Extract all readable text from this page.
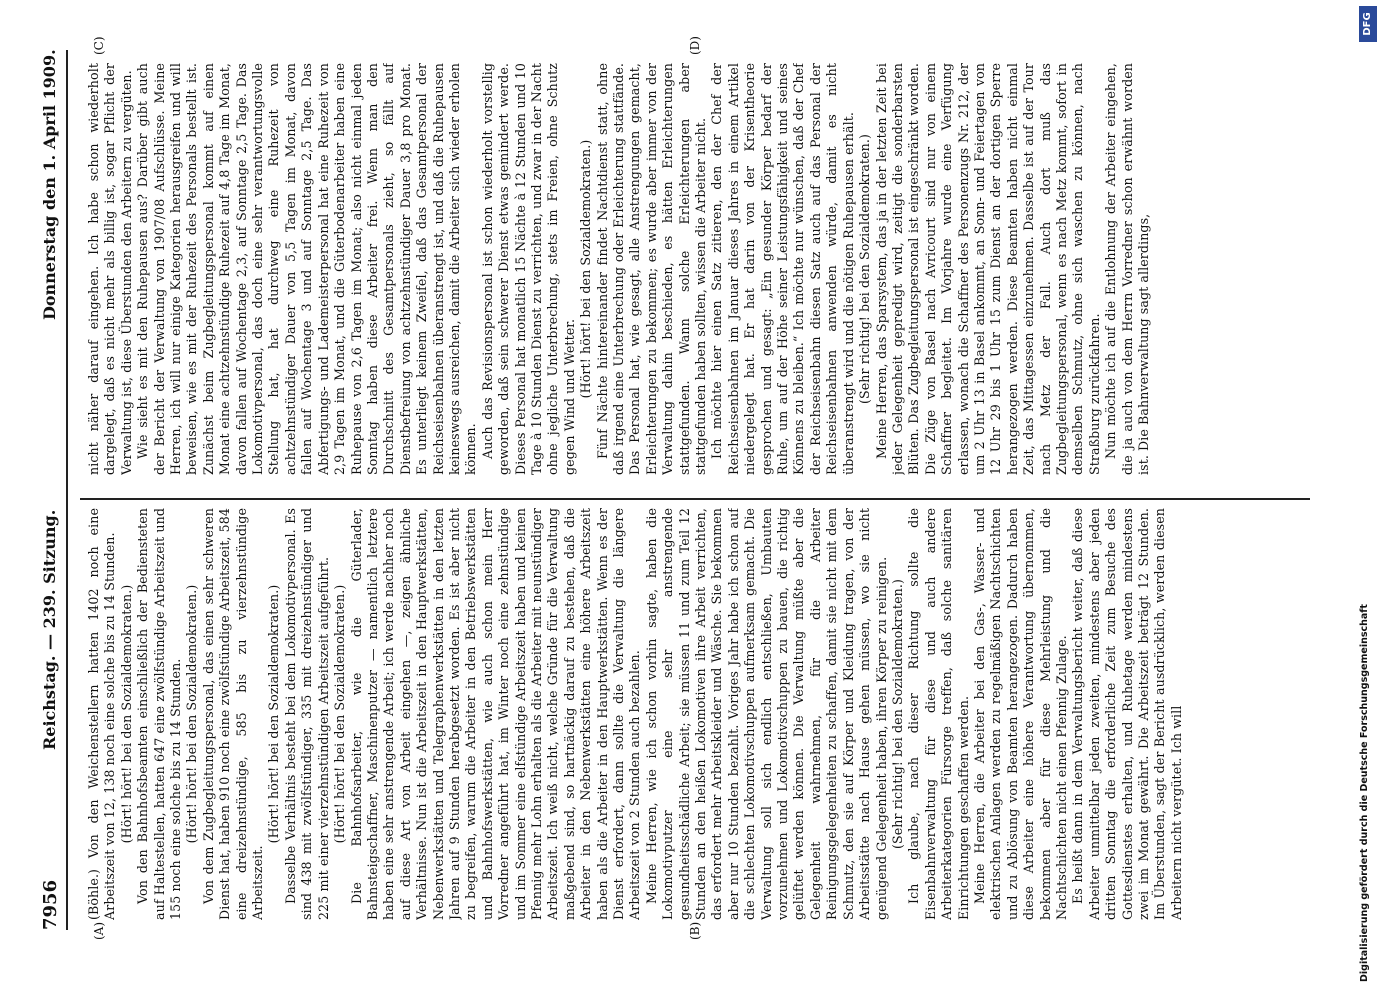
7956
Reichstag. — 239. Sitzung.
Donnerstag den 1. April 1909.
(A)	(B)
(C)	(D)

(Böhle.) Von den Weichenstellern hatten 1402 noch eine Arbeitszeit von 12, 138 noch eine solche bis zu 14 Stunden. (Hört! hört! bei den Sozialdemokraten.) Von den Bahnhofsbeamten einschließlich der Bediensteten auf Haltestellen, hatten 647 eine zwölfstündige Arbeitszeit und 155 noch eine solche bis zu 14 Stunden. (Hört! hört! bei den Sozialdemokraten.) Von dem Zugbegleitungspersonal, das einen sehr schweren Dienst hat, haben 910 noch eine zwölfstündige Arbeitszeit, 584 eine dreizehnstündige, 585 bis zu vierzehnstündige Arbeitszeit.

(Hört! hört! bei den Sozialdemokraten.) Dasselbe Verhältnis besteht bei dem Lokomotivpersonal. Es sind 438 mit zwölfstündiger, 335 mit dreizehnstündiger und 225 mit einer vierzehnstündigen Arbeitszeit aufgeführt. (Hört! hört! bei den Sozialdemokraten.) Die Bahnhofsarbeiter, wie die Güterlader, Bahnsteigschaffner, Maschinenputzer — namentlich letztere haben eine sehr anstrengende Arbeit; ich werde nachher noch auf diese Art von Arbeit eingehen —, zeigen ähnliche Verhältnisse. Nun ist die Arbeitszeit in den Hauptwerkstätten, Nebenwerkstätten und Telegraphenwerkstätten in den letzten Jahren auf 9 Stunden herabgesetzt worden. Es ist aber nicht zu begreifen, warum die Arbeiter in den Betriebswerkstätten und Bahnhofswerkstätten, wie auch schon mein Herr Vorredner angeführt hat, im Winter noch eine zehnstündige und im Sommer eine elfstündige Arbeitszeit haben und keinen Pfennig mehr Lohn erhalten als die Arbeiter mit neunstündiger Arbeitszeit. Ich weiß nicht, welche Gründe für die Verwaltung maßgebend sind, so hartnäckig darauf zu bestehen, daß die Arbeiter in den Nebenwerkstätten eine höhere Arbeitszeit haben als die Arbeiter in den Hauptwerkstätten. Wenn es der Dienst erfordert, dann sollte die Verwaltung die längere Arbeitszeit von 2 Stunden auch bezahlen. Meine Herren, wie ich schon vorhin sagte, haben die Lokomotivputzer eine sehr anstrengende gesundheitsschädliche Arbeit; sie müssen 11 und zum Teil 12 Stunden an den heißen Lokomotiven ihre Arbeit verrichten, das erfordert mehr Arbeitskleider und Wäsche. Sie bekommen aber nur 10 Stunden bezahlt. Voriges Jahr habe ich schon auf die schlechten Lokomotivschuppen aufmerksam gemacht. Die Verwaltung soll sich endlich entschließen, Umbauten vorzunehmen und Lokomotivschuppen zu bauen, die richtig gelüftet werden können. Die Verwaltung müßte aber die Gelegenheit wahrnehmen, für die Arbeiter Reinigungsgelegenheiten zu schaffen, damit sie nicht mit dem Schmutz, den sie auf Körper und Kleidung tragen, von der Arbeitsstätte nach Hause gehen müssen, wo sie nicht genügend Gelegenheit haben, ihren Körper zu reinigen. (Sehr richtig! bei den Sozialdemokraten.) Ich glaube, nach dieser Richtung sollte die Eisenbahnverwaltung für diese und auch andere Arbeiterkategorien Fürsorge treffen, daß solche sanitären Einrichtungen geschaffen werden. Meine Herren, die Arbeiter bei den Gas-, Wasser- und elektrischen Anlagen werden zu regelmäßigen Nachtschichten und zu Ablösung von Beamten herangezogen. Dadurch haben diese Arbeiter eine höhere Verantwortung übernommen, bekommen aber für diese Mehrleistung und die Nachtschichten nicht einen Pfennig Zulage. Es heißt dann in dem Verwaltungsbericht weiter, daß diese Arbeiter unmittelbar jeden zweiten, mindestens aber jeden dritten Sonntag die erforderliche Zeit zum Besuche des Gottesdienstes erhalten, und Ruhetage werden mindestens zwei im Monat gewährt. Die Arbeitszeit beträgt 12 Stunden. Im Überstunden, sagt der Bericht ausdrücklich, werden diesen Arbeitern nicht vergütet. Ich will

nicht näher darauf eingehen. Ich habe schon wiederholt dargelegt, daß es nicht mehr als billig ist, sogar Pflicht der Verwaltung ist, diese Überstunden den Arbeitern zu vergüten. Wie sieht es mit den Ruhepausen aus? Darüber gibt auch der Bericht der Verwaltung von 1907/08 Aufschlüsse. Meine Herren, ich will nur einige Kategorien herausgreifen und will beweisen, wie es mit der Ruhezeit des Personals bestellt ist. Zunächst beim Zugbegleitungspersonal kommt auf einen Monat eine achtzehnstündige Ruhezeit auf 4,8 Tage im Monat, davon fallen auf Wochentage 2,3, auf Sonntage 2,5 Tage. Das Lokomotivpersonal, das doch eine sehr verantwortungsvolle Stellung hat, hat durchweg eine Ruhezeit von achtzehnstündiger Dauer von 5,5 Tagen im Monat, davon fallen auf Wochentage 3 und auf Sonntage 2,5 Tage. Das Abfertigungs- und Lademeisterpersonal hat eine Ruhezeit von 2,9 Tagen im Monat, und die Güterbodenarbeiter haben eine Ruhepause von 2,6 Tagen im Monat; also nicht einmal jeden Sonntag haben diese Arbeiter frei. Wenn man den Durchschnitt des Gesamtpersonals zieht, so fällt auf Dienstbefreiung von achtzehnstündiger Dauer 3,8 pro Monat. Es unterliegt keinem Zweifel, daß das Gesamtpersonal der Reichseisenbahnen überanstrengt ist, und daß die Ruhepausen keineswegs ausreichen, damit die Arbeiter sich wieder erholen können. Auch das Revisionspersonal ist schon wiederholt vorstellig geworden, daß sein schwerer Dienst etwas gemindert werde. Dieses Personal hat monatlich 15 Nächte à 12 Stunden und 10 Tage à 10 Stunden Dienst zu verrichten, und zwar in der Nacht ohne jegliche Unterbrechung, stets im Freien, ohne Schutz gegen Wind und Wetter. (Hört! hört! bei den Sozialdemokraten.) Fünf Nächte hintereinander findet Nachtdienst statt, ohne daß irgend eine Unterbrechung oder Erleichterung stattfände. Das Personal hat, wie gesagt, alle Anstrengungen gemacht, Erleichterungen zu bekommen; es wurde aber immer von der Verwaltung dahin beschieden, es hätten Erleichterungen stattgefunden. Wann solche Erleichterungen aber stattgefunden haben sollten, wissen die Arbeiter nicht. Ich möchte hier einen Satz zitieren, den der Chef der Reichseisenbahnen im Januar dieses Jahres in einem Artikel niedergelegt hat. Er hat darin von der Krisentheorie gesprochen und gesagt: „Ein gesunder Körper bedarf der Ruhe, um auf der Höhe seiner Leistungsfähigkeit und seines Könnens zu bleiben.“ Ich möchte nur wünschen, daß der Chef der Reichseisenbahn diesen Satz auch auf das Personal der Reichseisenbahnen anwenden würde, damit es nicht überanstrengt wird und die nötigen Ruhepausen erhält. (Sehr richtig! bei den Sozialdemokraten.) Meine Herren, das Sparsystem, das ja in der letzten Zeit bei jeder Gelegenheit gepredigt wird, zeitigt die sonderbarsten Blüten. Das Zugbegleitungspersonal ist eingeschränkt worden. Die Züge von Basel nach Avricourt sind nur von einem Schaffner begleitet. Im Vorjahre wurde eine Verfügung erlassen, wonach die Schaffner des Personenzugs Nr. 212, der um 2 Uhr 13 in Basel ankommt, an Sonn- und Feiertagen von 12 Uhr 29 bis 1 Uhr 15 zum Dienst an der dortigen Sperre herangezogen werden. Diese Beamten haben nicht einmal Zeit, das Mittagessen einzunehmen. Dasselbe ist auf der Tour nach Metz der Fall. Auch dort muß das Zugbegleitungspersonal, wenn es nach Metz kommt, sofort in demselben Schmutz, ohne sich waschen zu können, nach Straßburg zurückfahren. Nun möchte ich auf die Entlohnung der Arbeiter eingehen, die ja auch von dem Herrn Vorredner schon erwähnt worden ist. Die Bahnverwaltung sagt allerdings,

DFG
Digitalisierung gefördert durch die Deutsche Forschungsgemeinschaft
